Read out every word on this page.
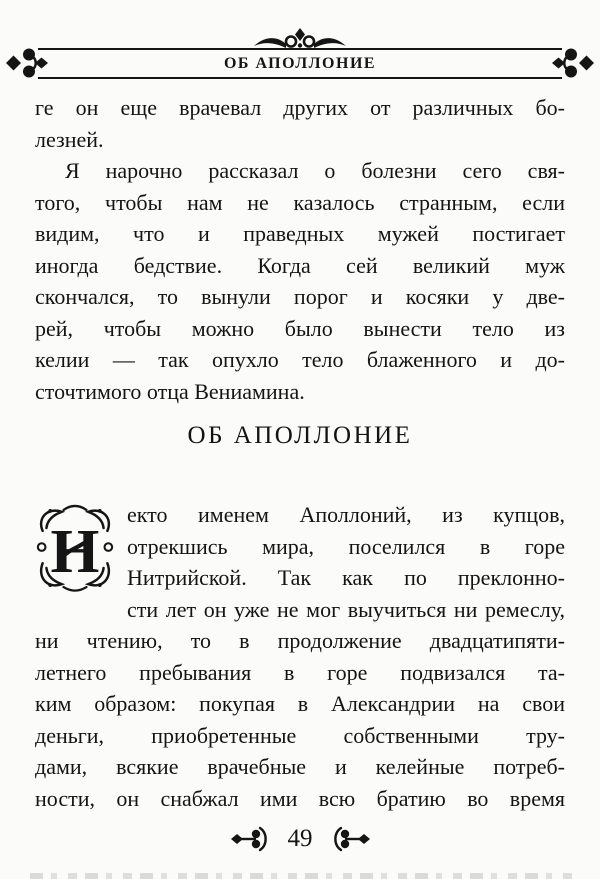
ОБ АПОЛЛОНИЕ
ге он еще врачевал других от различных бо-
лезней.
Я нарочно рассказал о болезни сего свя-
того, чтобы нам не казалось странным, если
видим, что и праведных мужей постигает
иногда бедствие. Когда сей великий муж
скончался, то вынули порог и косяки у две-
рей, чтобы можно было вынести тело из
келии — так опухло тело блаженного и до-
сточтимого отца Вениамина.
ОБ АПОЛЛОНИЕ
Н
екто именем Аполлоний, из купцов,
отрекшись мира, поселился в горе
Нитрийской. Так как по преклонно-
сти лет он уже не мог выучиться ни ремеслу,
ни чтению, то в продолжение двадцатипяти-
летнего пребывания в горе подвизался та-
ким образом: покупая в Александрии на свои
деньги, приобретенные собственными тру-
дами, всякие врачебные и келейные потреб-
ности, он снабжал ими всю братию во время
49
